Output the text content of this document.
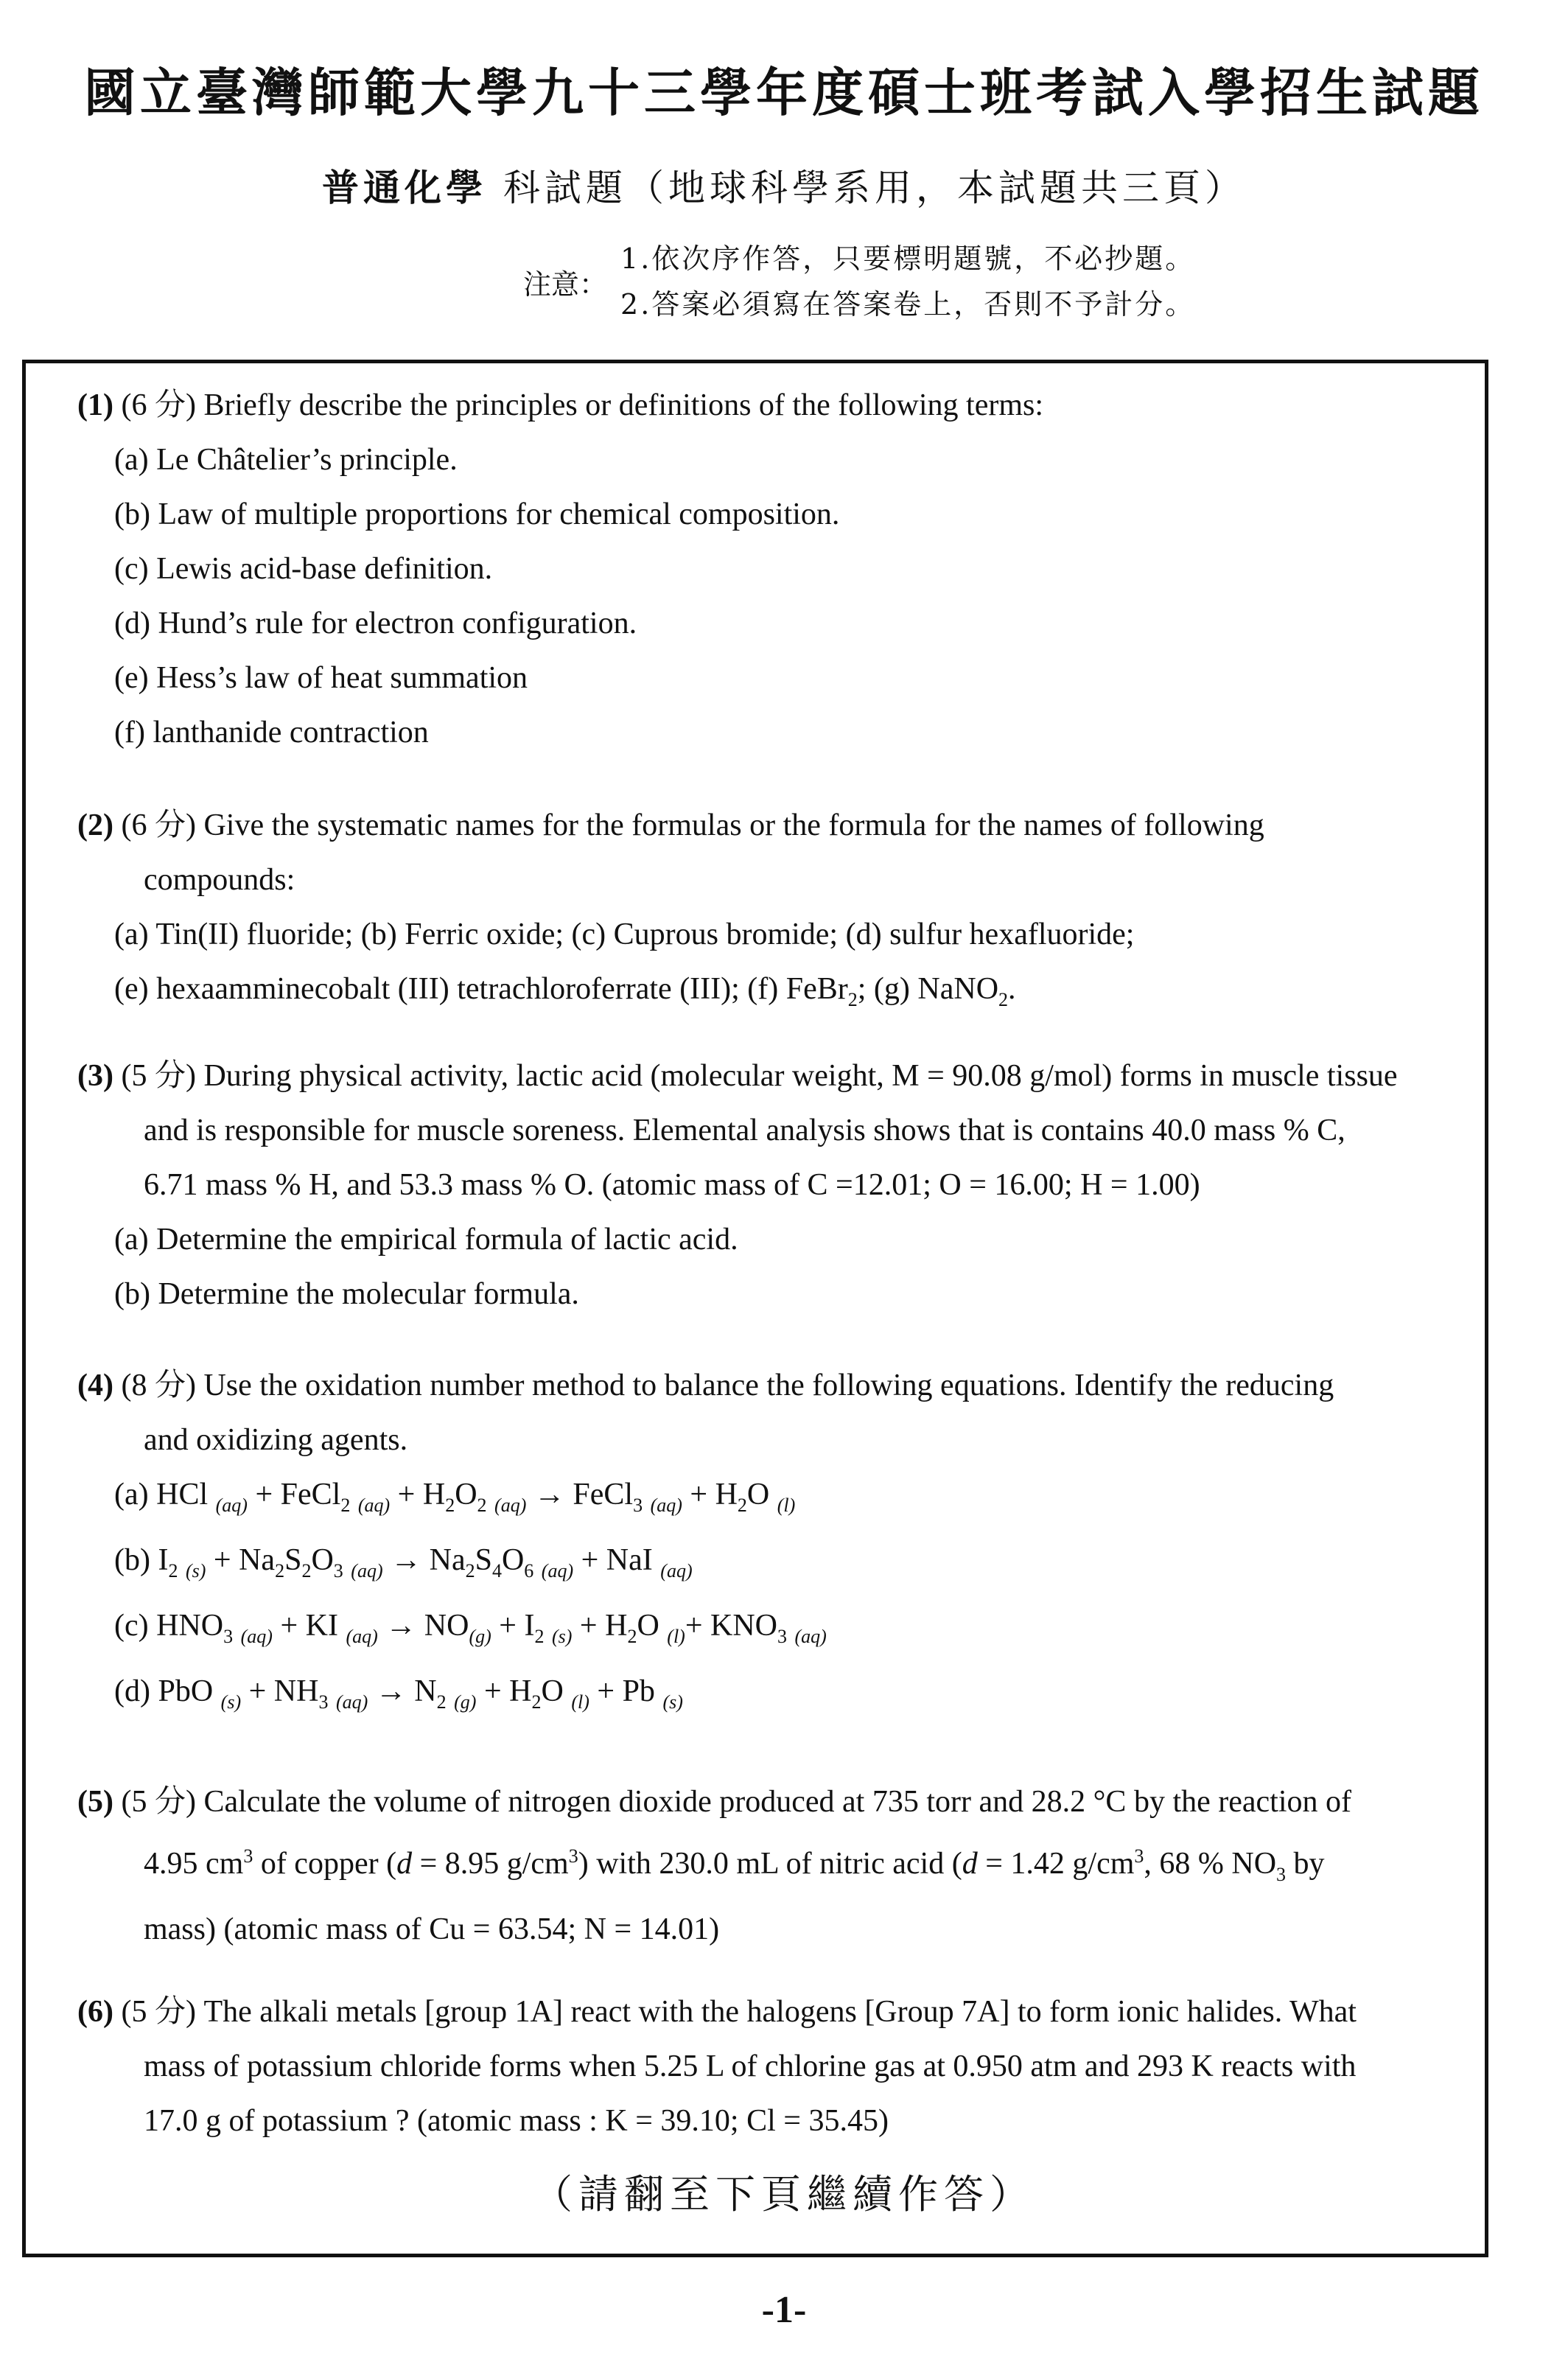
國立臺灣師範大學九十三學年度碩士班考試入學招生試題
普通化學 科試題（地球科學系用，本試題共三頁）
注意：
1.依次序作答，只要標明題號，不必抄題。
2.答案必須寫在答案卷上，否則不予計分。
(1) (6 分) Briefly describe the principles or definitions of the following terms:
(a) Le Châtelier’s principle.
(b) Law of multiple proportions for chemical composition.
(c) Lewis acid-base definition.
(d) Hund’s rule for electron configuration.
(e) Hess’s law of heat summation
(f) lanthanide contraction
(2) (6 分) Give the systematic names for the formulas or the formula for the names of following
compounds:
(a) Tin(II) fluoride; (b) Ferric oxide; (c) Cuprous bromide; (d) sulfur hexafluoride;
(e) hexaamminecobalt (III) tetrachloroferrate (III); (f) FeBr$_2$; (g) NaNO$_2$.
(3) (5 分) During physical activity, lactic acid (molecular weight, M = 90.08 g/mol) forms in muscle tissue
and is responsible for muscle soreness. Elemental analysis shows that is contains 40.0 mass % C,
6.71 mass % H, and 53.3 mass % O. (atomic mass of C =12.01; O = 16.00; H = 1.00)
(a) Determine the empirical formula of lactic acid.
(b) Determine the molecular formula.
(4) (8 分) Use the oxidation number method to balance the following equations. Identify the reducing
and oxidizing agents.
(a) HCl $_{(aq)}$ + FeCl$_2$ $_{(aq)} + H_2O_2$ $_{(aq)}$ → FeCl$_3$ $_{(aq)} + H_2O$ $_{(l)}$
(b) $I_2$ $_{(s)} + Na_2S_2O_3$ $_{(aq)} \to Na_2S_4O_6$ $_{(aq)}$ + NaI $_{(aq)}$
(c) $HNO_3$ $_{(aq)}$ + KI $_{(aq)} \to NO_{(g)} + I_2$ $_{(s)} + H_2O$ $_{(l)}+ KNO_3$ $_{(aq)}$
(d) PbO $_{(s)} + NH_3$ $_{(aq)} \to N_2$ $_{(g)} + H_2O$ $_{(l)}$ + Pb $_{(s)}$
(5) (5 分) Calculate the volume of nitrogen dioxide produced at 735 torr and 28.2 °C by the reaction of
4.95 $cm^3$ of copper (d = 8.95 $g/cm^3$) with 230.0 mL of nitric acid (d = 1.42 $g/cm^3$, 68 % $NO_3$ by
mass) (atomic mass of Cu = 63.54; N = 14.01)
(6) (5 分) The alkali metals [group 1A] react with the halogens [Group 7A] to form ionic halides. What
mass of potassium chloride forms when 5.25 L of chlorine gas at 0.950 atm and 293 K reacts with
17.0 g of potassium ? (atomic mass : K = 39.10; Cl = 35.45)
（請翻至下頁繼續作答）
-1-
